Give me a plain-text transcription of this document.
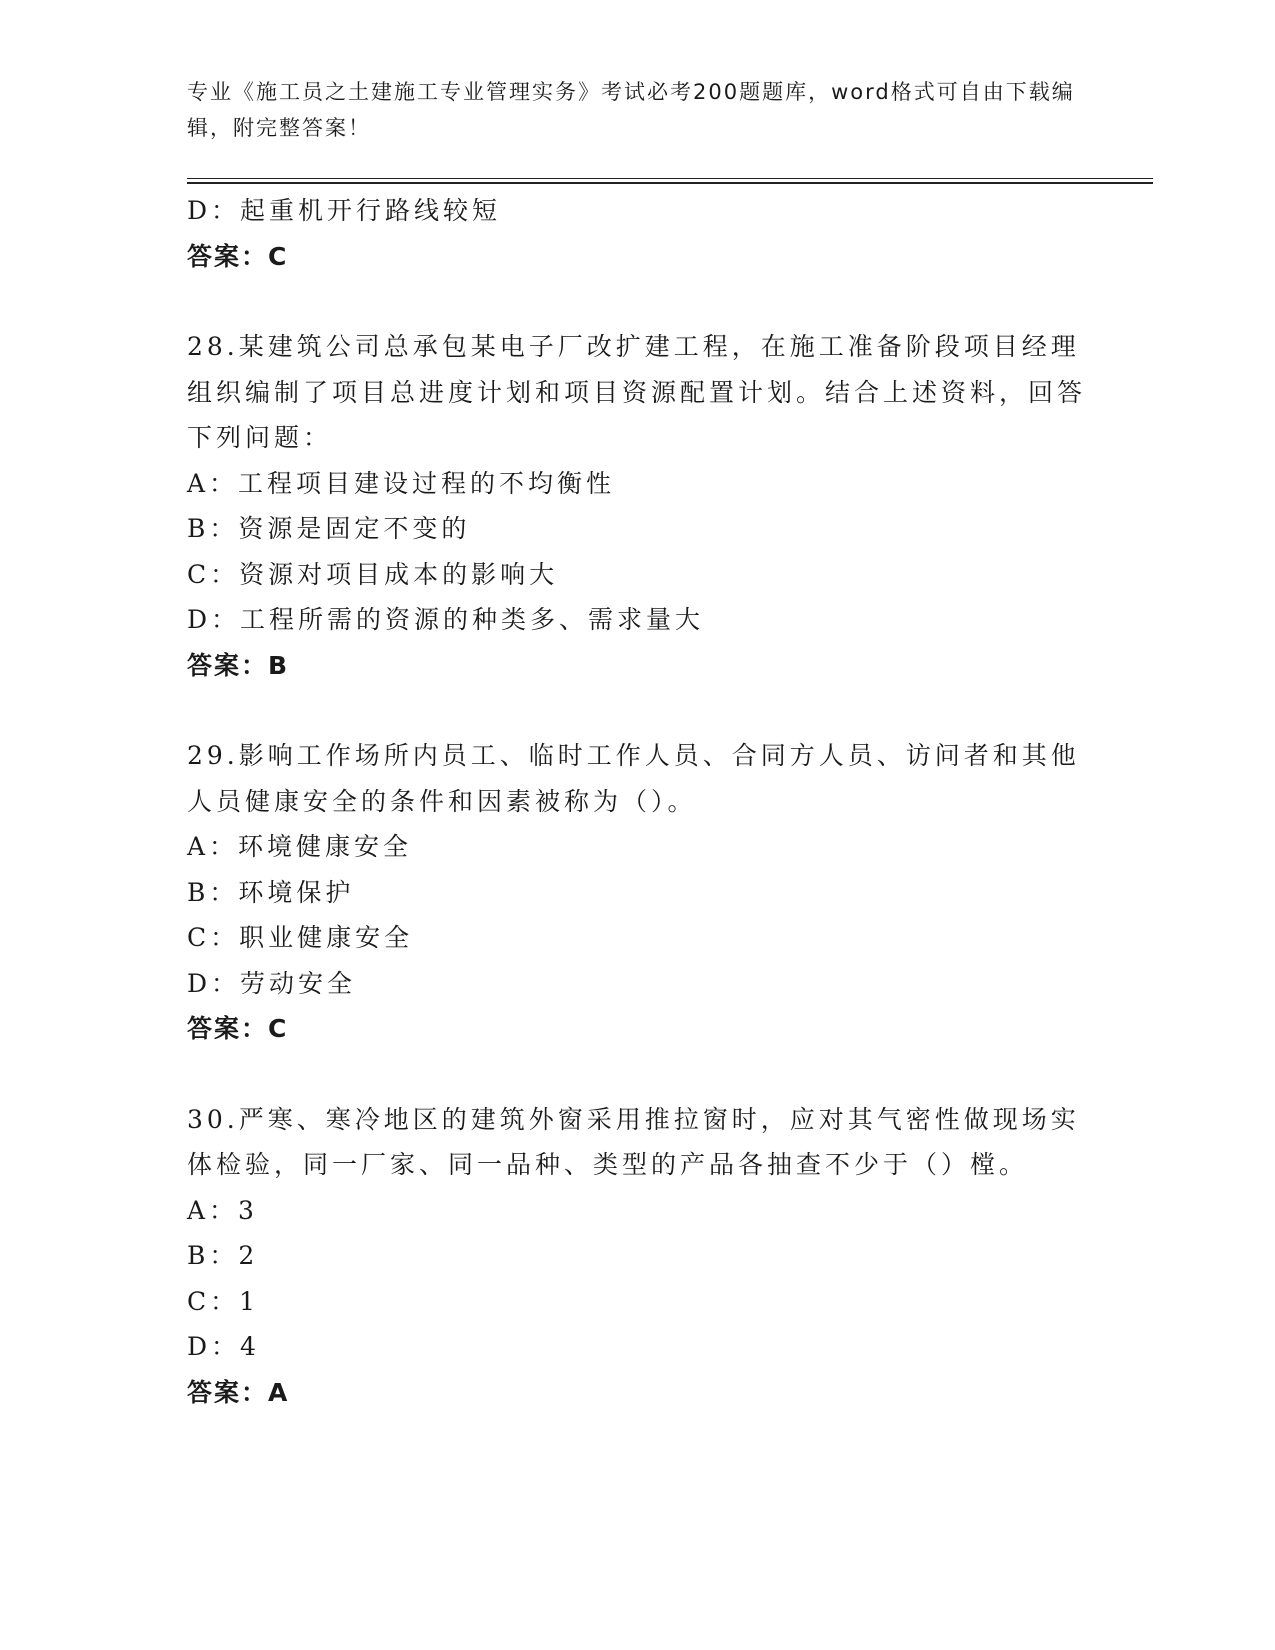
专业《施工员之土建施工专业管理实务》考试必考200题题库，word格式可自由下载编辑，附完整答案！
D：起重机开行路线较短
答案：C
28.某建筑公司总承包某电子厂改扩建工程，在施工准备阶段项目经理组织编制了项目总进度计划和项目资源配置计划。结合上述资料，回答下列问题：
A：工程项目建设过程的不均衡性
B：资源是固定不变的
C：资源对项目成本的影响大
D：工程所需的资源的种类多、需求量大
答案：B
29.影响工作场所内员工、临时工作人员、合同方人员、访问者和其他人员健康安全的条件和因素被称为（）。
A：环境健康安全
B：环境保护
C：职业健康安全
D：劳动安全
答案：C
30.严寒、寒冷地区的建筑外窗采用推拉窗时，应对其气密性做现场实体检验，同一厂家、同一品种、类型的产品各抽查不少于（）樘。
A：3
B：2
C：1
D：4
答案：A
